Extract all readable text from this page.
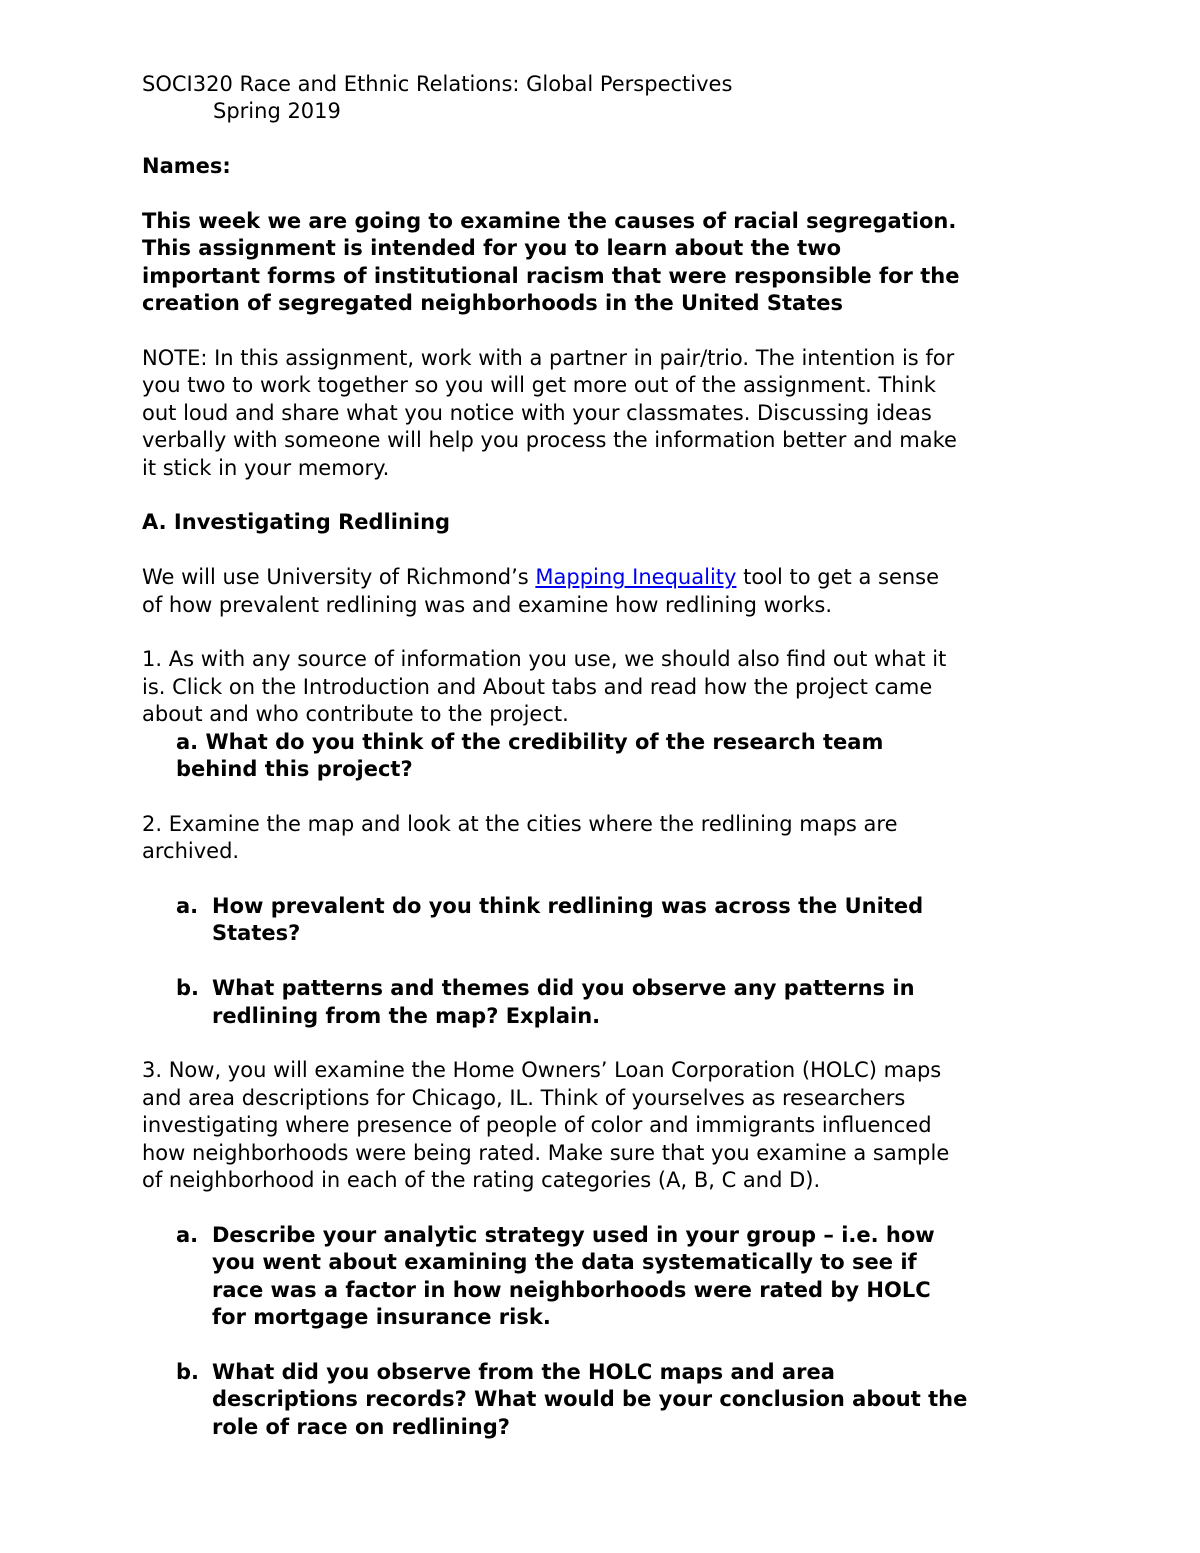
SOCI320 Race and Ethnic Relations: Global Perspectives

Spring 2019

Names:

This week we are going to examine the causes of racial segregation.

This assignment is intended for you to learn about the two

important forms of institutional racism that were responsible for the

creation of segregated neighborhoods in the United States

NOTE: In this assignment, work with a partner in pair/trio. The intention is for

you two to work together so you will get more out of the assignment. Think

out loud and share what you notice with your classmates. Discussing ideas

verbally with someone will help you process the information better and make

it stick in your memory.

A. Investigating Redlining

We will use University of Richmond’s Mapping Inequality tool to get a sense

of how prevalent redlining was and examine how redlining works.

1. As with any source of information you use, we should also find out what it

is. Click on the Introduction and About tabs and read how the project came

about and who contribute to the project.

a. What do you think of the credibility of the research team
behind this project?

2. Examine the map and look at the cities where the redlining maps are

archived.

a. How prevalent do you think redlining was across the United
States?
b. What patterns and themes did you observe any patterns in
redlining from the map? Explain.

3. Now, you will examine the Home Owners’ Loan Corporation (HOLC) maps

and area descriptions for Chicago, IL. Think of yourselves as researchers

investigating where presence of people of color and immigrants influenced

how neighborhoods were being rated. Make sure that you examine a sample

of neighborhood in each of the rating categories (A, B, C and D).

a. Describe your analytic strategy used in your group – i.e. how
you went about examining the data systematically to see if
race was a factor in how neighborhoods were rated by HOLC
for mortgage insurance risk.
b. What did you observe from the HOLC maps and area
descriptions records? What would be your conclusion about the
role of race on redlining?
